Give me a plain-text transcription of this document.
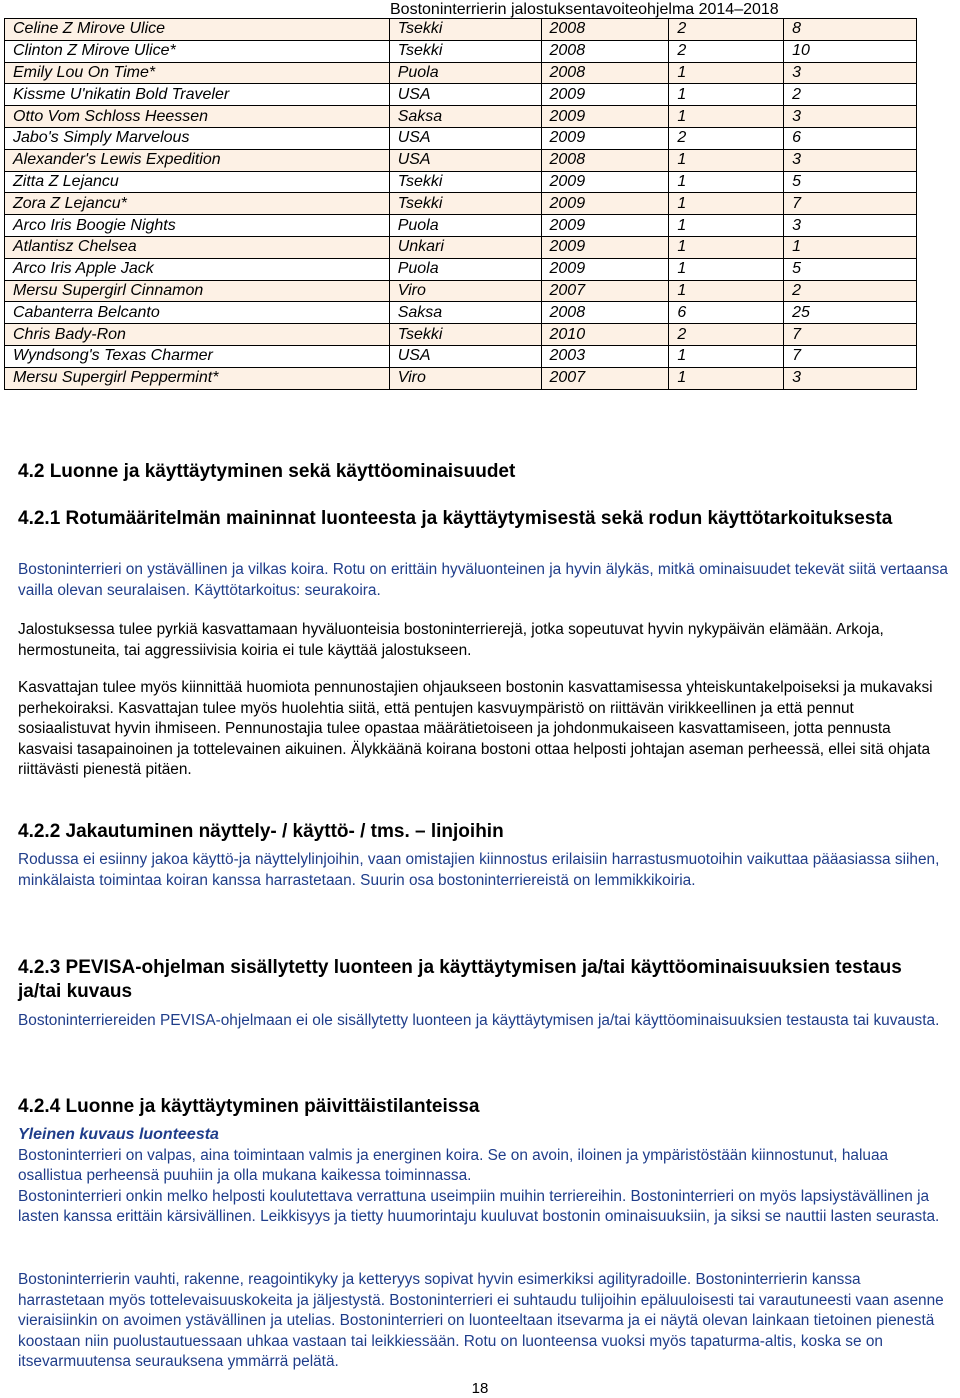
Bostoninterrierin jalostuksentavoiteohjelma 2014–2018
Celine Z Mirove Ulice	Tsekki	2008	2	8
Clinton Z Mirove Ulice*	Tsekki	2008	2	10
Emily Lou On Time*	Puola	2008	1	3
Kissme U'nikatin Bold Traveler	USA	2009	1	2
Otto Vom Schloss Heessen	Saksa	2009	1	3
Jabo's Simply Marvelous	USA	2009	2	6
Alexander's Lewis Expedition	USA	2008	1	3
Zitta Z Lejancu	Tsekki	2009	1	5
Zora Z Lejancu*	Tsekki	2009	1	7
Arco Iris Boogie Nights	Puola	2009	1	3
Atlantisz Chelsea	Unkari	2009	1	1
Arco Iris Apple Jack	Puola	2009	1	5
Mersu Supergirl Cinnamon	Viro	2007	1	2
Cabanterra Belcanto	Saksa	2008	6	25
Chris Bady-Ron	Tsekki	2010	2	7
Wyndsong's Texas Charmer	USA	2003	1	7
Mersu Supergirl Peppermint*	Viro	2007	1	3
4.2 Luonne ja käyttäytyminen sekä käyttöominaisuudet
4.2.1 Rotumääritelmän maininnat luonteesta ja käyttäytymisestä sekä rodun käyttötarkoituksesta
Bostoninterrieri on ystävällinen ja vilkas koira. Rotu on erittäin hyväluonteinen ja hyvin älykäs, mitkä ominaisuudet tekevät siitä vertaansa vailla olevan seuralaisen. Käyttötarkoitus: seurakoira.
Jalostuksessa tulee pyrkiä kasvattamaan hyväluonteisia bostoninterrierejä, jotka sopeutuvat hyvin nykypäivän elämään. Arkoja, hermostuneita, tai aggressiivisia koiria ei tule käyttää jalostukseen.
Kasvattajan tulee myös kiinnittää huomiota pennunostajien ohjaukseen bostonin kasvattamisessa yhteiskuntakelpoiseksi ja mukavaksi perhekoiraksi. Kasvattajan tulee myös huolehtia siitä, että pentujen kasvuympäristö on riittävän virikkeellinen ja että pennut sosiaalistuvat hyvin ihmiseen. Pennunostajia tulee opastaa määrätietoiseen ja johdonmukaiseen kasvattamiseen, jotta pennusta kasvaisi tasapainoinen ja tottelevainen aikuinen. Älykkäänä koirana bostoni ottaa helposti johtajan aseman perheessä, ellei sitä ohjata riittävästi pienestä pitäen.
4.2.2 Jakautuminen näyttely- / käyttö- / tms. – linjoihin
Rodussa ei esiinny jakoa käyttö-ja näyttelylinjoihin, vaan omistajien kiinnostus erilaisiin harrastusmuotoihin vaikuttaa pääasiassa siihen, minkälaista toimintaa koiran kanssa harrastetaan. Suurin osa bostoninterriereistä on lemmikkikoiria.
4.2.3 PEVISA-ohjelman sisällytetty luonteen ja käyttäytymisen ja/tai käyttöominaisuuksien testaus ja/tai kuvaus
Bostoninterriereiden PEVISA-ohjelmaan ei ole sisällytetty luonteen ja käyttäytymisen ja/tai käyttöominaisuuksien testausta tai kuvausta.
4.2.4 Luonne ja käyttäytyminen päivittäistilanteissa
Yleinen kuvaus luonteesta
Bostoninterrieri on valpas, aina toimintaan valmis ja energinen koira. Se on avoin, iloinen ja ympäristöstään kiinnostunut, haluaa osallistua perheensä puuhiin ja olla mukana kaikessa toiminnassa.
Bostoninterrieri onkin melko helposti koulutettava verrattuna useimpiin muihin terriereihin. Bostoninterrieri on myös lapsiystävällinen ja lasten kanssa erittäin kärsivällinen. Leikkisyys ja tietty huumorintaju kuuluvat bostonin ominaisuuksiin, ja siksi se nauttii lasten seurasta.
Bostoninterrierin vauhti, rakenne, reagointikyky ja ketteryys sopivat hyvin esimerkiksi agilityradoille. Bostoninterrierin kanssa harrastetaan myös tottelevaisuuskokeita ja jäljestystä. Bostoninterrieri ei suhtaudu tulijoihin epäluuloisesti tai varautuneesti vaan asenne vieraisiinkin on avoimen ystävällinen ja utelias. Bostoninterrieri on luonteeltaan itsevarma ja ei näytä olevan lainkaan tietoinen pienestä koostaan niin puolustautuessaan uhkaa vastaan tai leikkiessään. Rotu on luonteensa vuoksi myös tapaturma-altis, koska se on itsevarmuutensa seurauksena ymmärrä pelätä.
18
